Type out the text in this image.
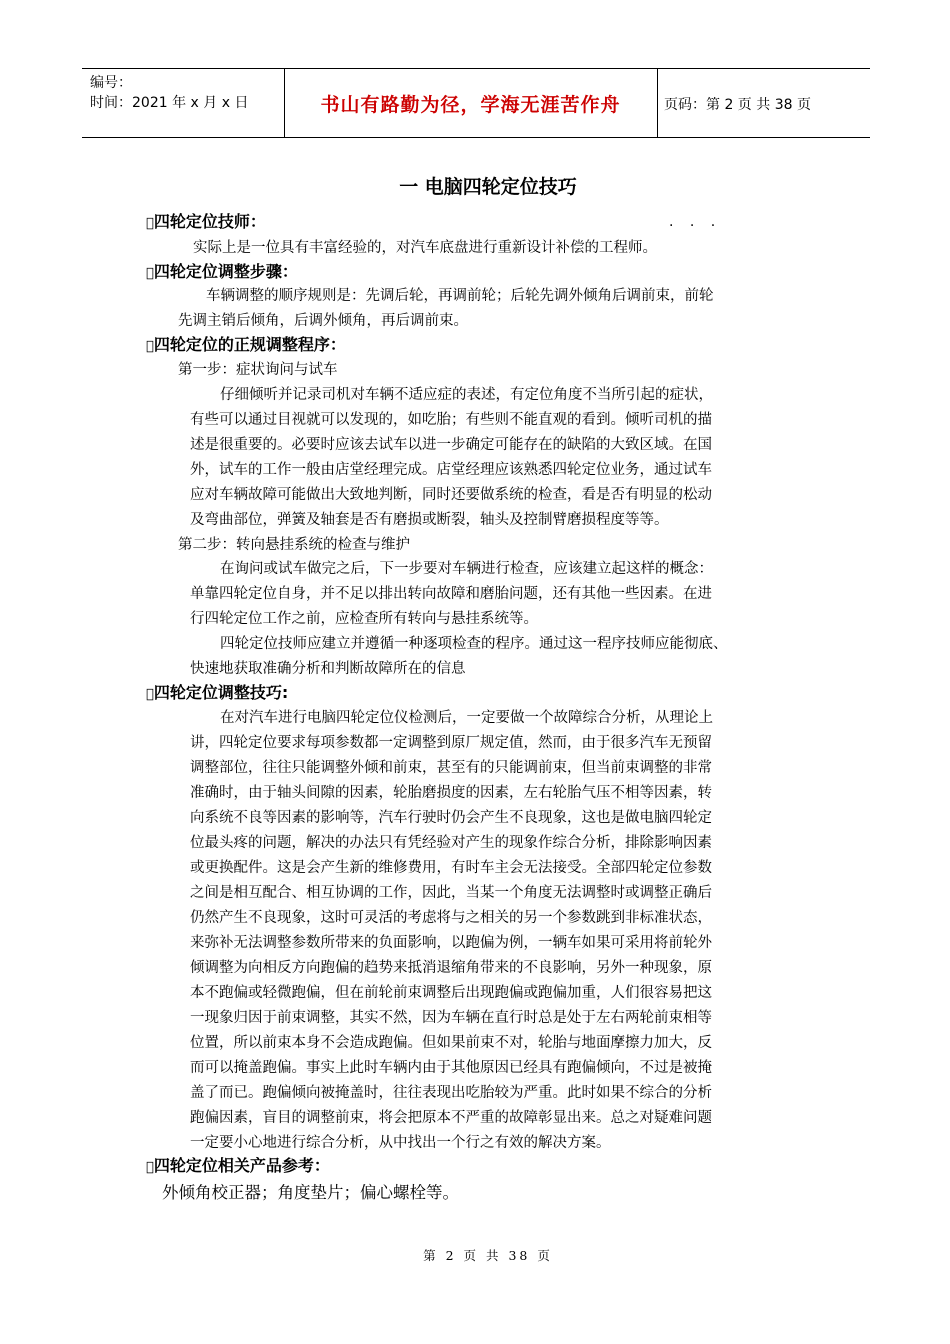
编号：
时间：2021 年 x 月 x 日	书山有路勤为径，学海无涯苦作舟	页码：第 2 页 共 38 页
一 电脑四轮定位技巧
四轮定位技师：	· · ·
实际上是一位具有丰富经验的，对汽车底盘进行重新设计补偿的工程师。
四轮定位调整步骤：
车辆调整的顺序规则是：先调后轮，再调前轮；后轮先调外倾角后调前束，前轮
先调主销后倾角，后调外倾角，再后调前束。
四轮定位的正规调整程序：
第一步：症状询问与试车
仔细倾听并记录司机对车辆不适应症的表述，有定位角度不当所引起的症状，
有些可以通过目视就可以发现的，如吃胎；有些则不能直观的看到。倾听司机的描
述是很重要的。必要时应该去试车以进一步确定可能存在的缺陷的大致区域。在国
外，试车的工作一般由店堂经理完成。店堂经理应该熟悉四轮定位业务，通过试车
应对车辆故障可能做出大致地判断，同时还要做系统的检查，看是否有明显的松动
及弯曲部位，弹簧及轴套是否有磨损或断裂，轴头及控制臂磨损程度等等。
第二步：转向悬挂系统的检查与维护
在询问或试车做完之后，下一步要对车辆进行检查，应该建立起这样的概念：
单靠四轮定位自身，并不足以排出转向故障和磨胎问题，还有其他一些因素。在进
行四轮定位工作之前，应检查所有转向与悬挂系统等。
四轮定位技师应建立并遵循一种逐项检查的程序。通过这一程序技师应能彻底、
快速地获取准确分析和判断故障所在的信息
四轮定位调整技巧:
在对汽车进行电脑四轮定位仪检测后，一定要做一个故障综合分析，从理论上
讲，四轮定位要求每项参数都一定调整到原厂规定值，然而，由于很多汽车无预留
调整部位，往往只能调整外倾和前束，甚至有的只能调前束，但当前束调整的非常
准确时，由于轴头间隙的因素，轮胎磨损度的因素，左右轮胎气压不相等因素，转
向系统不良等因素的影响等，汽车行驶时仍会产生不良现象，这也是做电脑四轮定
位最头疼的问题，解决的办法只有凭经验对产生的现象作综合分析，排除影响因素
或更换配件。这是会产生新的维修费用，有时车主会无法接受。全部四轮定位参数
之间是相互配合、相互协调的工作，因此，当某一个角度无法调整时或调整正确后
仍然产生不良现象，这时可灵活的考虑将与之相关的另一个参数跳到非标准状态，
来弥补无法调整参数所带来的负面影响，以跑偏为例，一辆车如果可采用将前轮外
倾调整为向相反方向跑偏的趋势来抵消退缩角带来的不良影响，另外一种现象，原
本不跑偏或轻微跑偏，但在前轮前束调整后出现跑偏或跑偏加重，人们很容易把这
一现象归因于前束调整，其实不然，因为车辆在直行时总是处于左右两轮前束相等
位置，所以前束本身不会造成跑偏。但如果前束不对，轮胎与地面摩擦力加大，反
而可以掩盖跑偏。事实上此时车辆内由于其他原因已经具有跑偏倾向，不过是被掩
盖了而已。跑偏倾向被掩盖时，往往表现出吃胎较为严重。此时如果不综合的分析
跑偏因素，盲目的调整前束，将会把原本不严重的故障彰显出来。总之对疑难问题
一定要小心地进行综合分析，从中找出一个行之有效的解决方案。
四轮定位相关产品参考：
外倾角校正器；角度垫片；偏心螺栓等。
第 2 页 共 38 页
